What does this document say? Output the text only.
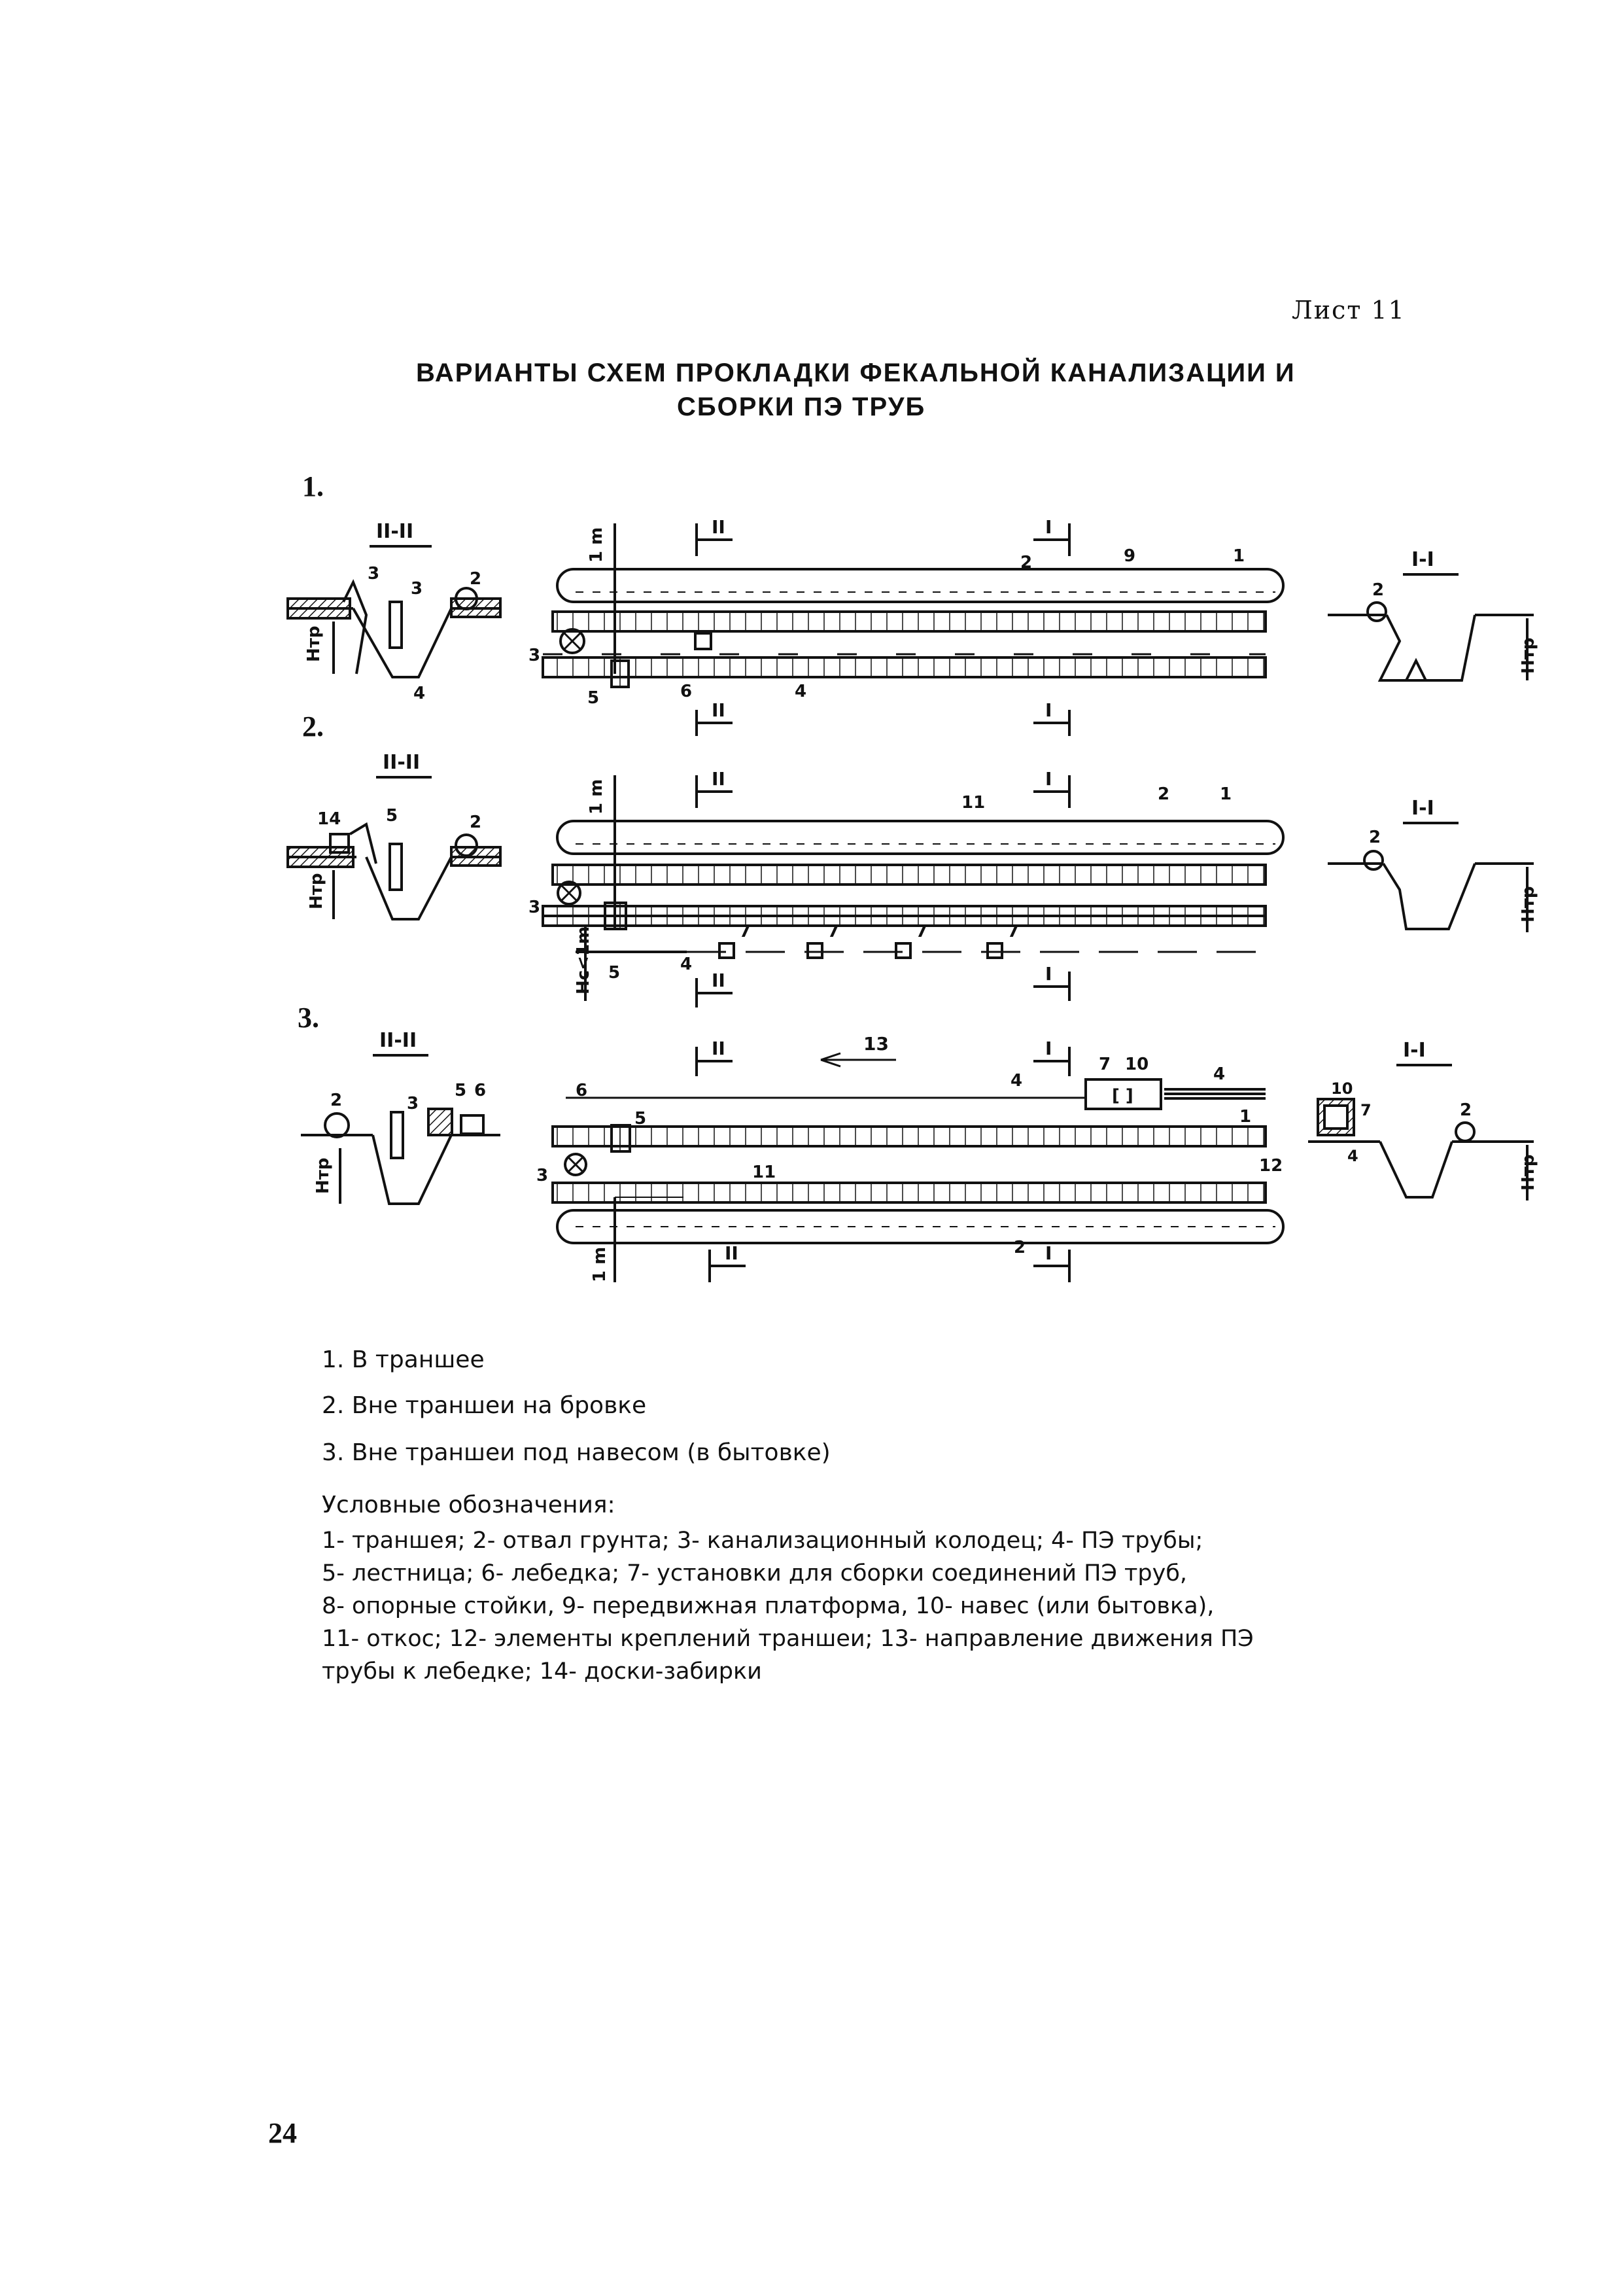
Лист 11
ВАРИАНТЫ СХЕМ ПРОКЛАДКИ ФЕКАЛЬНОЙ КАНАЛИЗАЦИИ И
СБОРКИ ПЭ ТРУБ
1.
2.
3.
II-II
Нтр
2
3
3
4
1 m
II	I
II	I
2	9	1
3
5	6	4
I-I
Нтр
2
II-II
Нтр
14	5	2
Нс<1m
1 m
II	I
II	I
11	2	1
3
5	4
7	7	7	7
I-I
Нтр
2
II-II
Нтр
2	3
5 6	[ ]
1 m
II	I
II	I
6
13
4
7 10	4
5	1
12
11
3
2
I-I
Нтр
10
7
4
2
1. В траншее
2. Вне траншеи на бровке
3. Вне траншеи под навесом (в бытовке)
Условные обозначения:
1- траншея; 2- отвал грунта; 3- канализационный колодец; 4- ПЭ трубы;
5- лестница; 6- лебедка; 7- установки для сборки соединений ПЭ труб,
8- опорные стойки, 9- передвижная платформа, 10- навес (или бытовка),
11- откос; 12- элементы креплений траншеи; 13- направление движения ПЭ
трубы к лебедке; 14- доски-забирки
24
